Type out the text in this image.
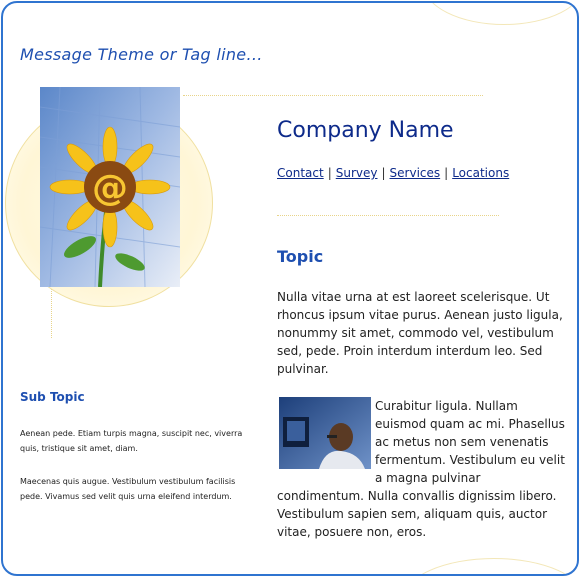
Message Theme or Tag line...
@
Company Name
Contact | Survey | Services | Locations
Topic
Nulla vitae urna at est laoreet scelerisque. Ut rhoncus ipsum vitae purus. Aenean justo ligula, nonummy sit amet, commodo vel, vestibulum sed, pede. Proin interdum interdum leo. Sed pulvinar.
Curabitur ligula. Nullam euismod quam ac mi. Phasellus ac metus non sem venenatis fermentum. Vestibulum eu velit a magna pulvinar condimentum. Nulla convallis dignissim libero. Vestibulum sapien sem, aliquam quis, auctor vitae, posuere non, eros.
Sub Topic
Aenean pede. Etiam turpis magna, suscipit nec, viverra quis, tristique sit amet, diam.
Maecenas quis augue. Vestibulum vestibulum facilisis pede. Vivamus sed velit quis urna eleifend interdum.
